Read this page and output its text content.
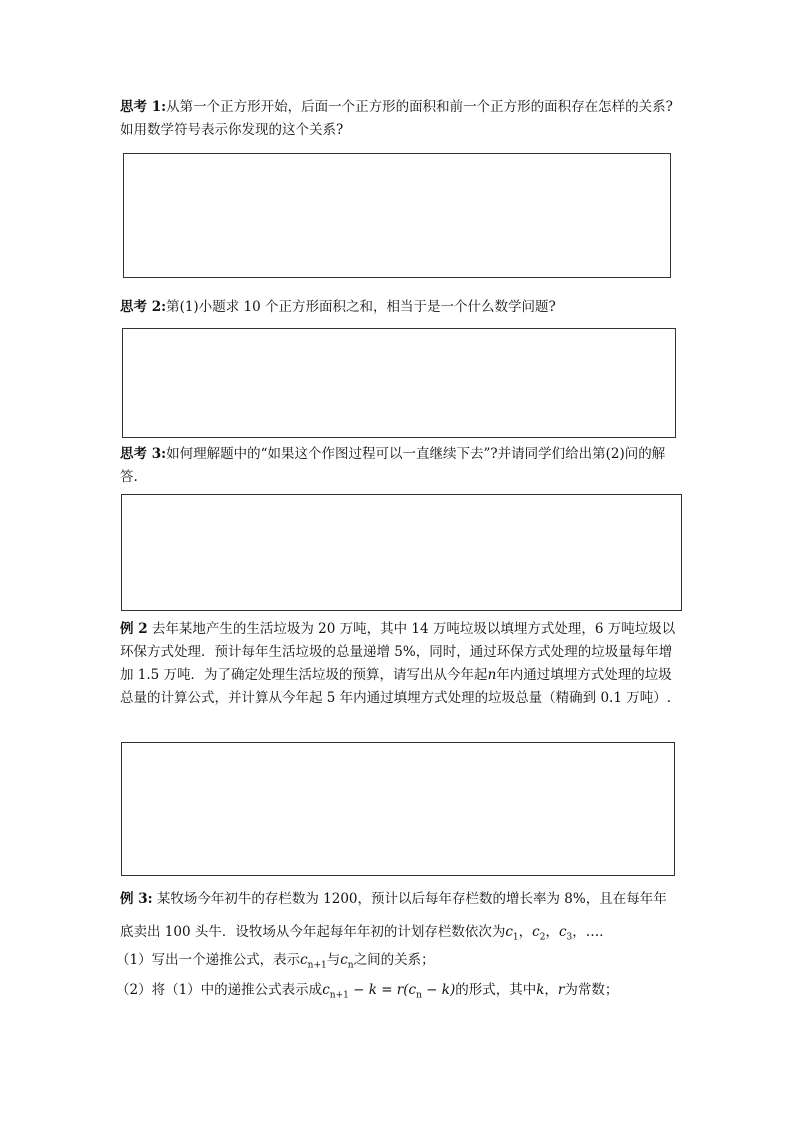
思考 1:从第一个正方形开始，后面一个正方形的面积和前一个正方形的面积存在怎样的关系?如用数学符号表示你发现的这个关系?

思考 2:第(1)小题求 10 个正方形面积之和，相当于是一个什么数学问题?

思考 3:如何理解题中的“如果这个作图过程可以一直继续下去”?并请同学们给出第(2)问的解答.

例 2 去年某地产生的生活垃圾为 20 万吨，其中 14 万吨垃圾以填埋方式处理，6 万吨垃圾以环保方式处理．预计每年生活垃圾的总量递增 5%，同时，通过环保方式处理的垃圾量每年增加 1.5 万吨．为了确定处理生活垃圾的预算，请写出从今年起n年内通过填埋方式处理的垃圾总量的计算公式，并计算从今年起 5 年内通过填埋方式处理的垃圾总量（精确到 0.1 万吨）.

例 3: 某牧场今年初牛的存栏数为 1200，预计以后每年存栏数的增长率为 8%，且在每年年

底卖出 100 头牛．设牧场从今年起每年年初的计划存栏数依次为$c_1$，$c_2$，$c_3$，…．

（1）写出一个递推公式，表示$c_{n+1}$与$c_n$之间的关系；

（2）将（1）中的递推公式表示成$c_{n+1} - k = r(c_n - k)$的形式，其中k，r为常数；
